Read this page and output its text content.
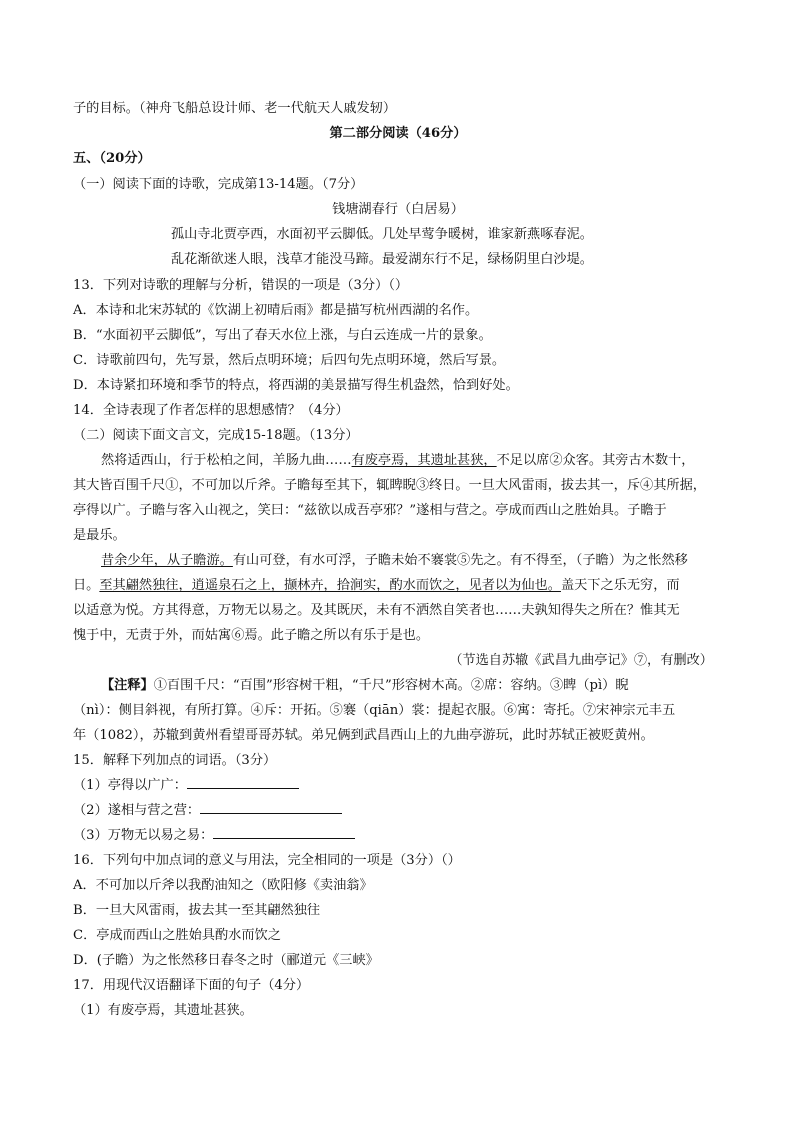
子的目标。（神舟飞船总设计师、老一代航天人戚发轫）
第二部分阅读（46分）
五、（20分）
（一）阅读下面的诗歌，完成第13-14题。（7分）
钱塘湖春行（白居易）
孤山寺北贾亭西，水面初平云脚低。几处早莺争暖树，谁家新燕啄春泥。
乱花渐欲迷人眼，浅草才能没马蹄。最爱湖东行不足，绿杨阴里白沙堤。
13．下列对诗歌的理解与分析，错误的一项是（3分）（）
A．本诗和北宋苏轼的《饮湖上初晴后雨》都是描写杭州西湖的名作。
B．“水面初平云脚低”，写出了春天水位上涨，与白云连成一片的景象。
C．诗歌前四句，先写景，然后点明环境；后四句先点明环境，然后写景。
D．本诗紧扣环境和季节的特点，将西湖的美景描写得生机盎然，恰到好处。
14．全诗表现了作者怎样的思想感情？（4分）
（二）阅读下面文言文，完成15-18题。（13分）
然将适西山，行于松柏之间，羊肠九曲……有废亭焉，其遗址甚狭，不足以席②众客。其旁古木数十，
其大皆百围千尺①，不可加以斤斧。子瞻每至其下，辄睥睨③终日。一旦大风雷雨，拔去其一，斥④其所据，
亭得以广。子瞻与客入山视之，笑曰：“兹欲以成吾亭邪？”遂相与营之。亭成而西山之胜始具。子瞻于
是最乐。
昔余少年，从子瞻游。有山可登，有水可浮，子瞻未始不褰裳⑤先之。有不得至，（子瞻）为之怅然移
日。至其翩然独往，逍遥泉石之上，撷林卉，拾涧实，酌水而饮之，见者以为仙也。盖天下之乐无穷，而
以适意为悦。方其得意，万物无以易之。及其既厌，未有不洒然自笑者也……夫孰知得失之所在？惟其无
愧于中，无责于外，而姑寓⑥焉。此子瞻之所以有乐于是也。
（节选自苏辙《武昌九曲亭记》⑦，有删改）
【注释】①百围千尺：“百围”形容树干粗，“千尺”形容树木高。②席：容纳。③睥（pì）睨
（nì）：侧目斜视，有所打算。④斥：开拓。⑤褰（qiān）裳：提起衣服。⑥寓：寄托。⑦宋神宗元丰五
年（1082），苏辙到黄州看望哥哥苏轼。弟兄俩到武昌西山上的九曲亭游玩，此时苏轼正被贬黄州。
15．解释下列加点的词语。（3分）
（1）亭得以广广：
（2）遂相与营之营：
（3）万物无以易之易：
16．下列句中加点词的意义与用法，完全相同的一项是（3分）（）
A．不可加以斤斧以我酌油知之（欧阳修《卖油翁》
B．一旦大风雷雨，拔去其一至其翩然独往
C．亭成而西山之胜始具酌水而饮之
D．(子瞻）为之怅然移日春冬之时（郦道元《三峡》
17．用现代汉语翻译下面的句子（4分）
（1）有废亭焉，其遗址甚狭。
